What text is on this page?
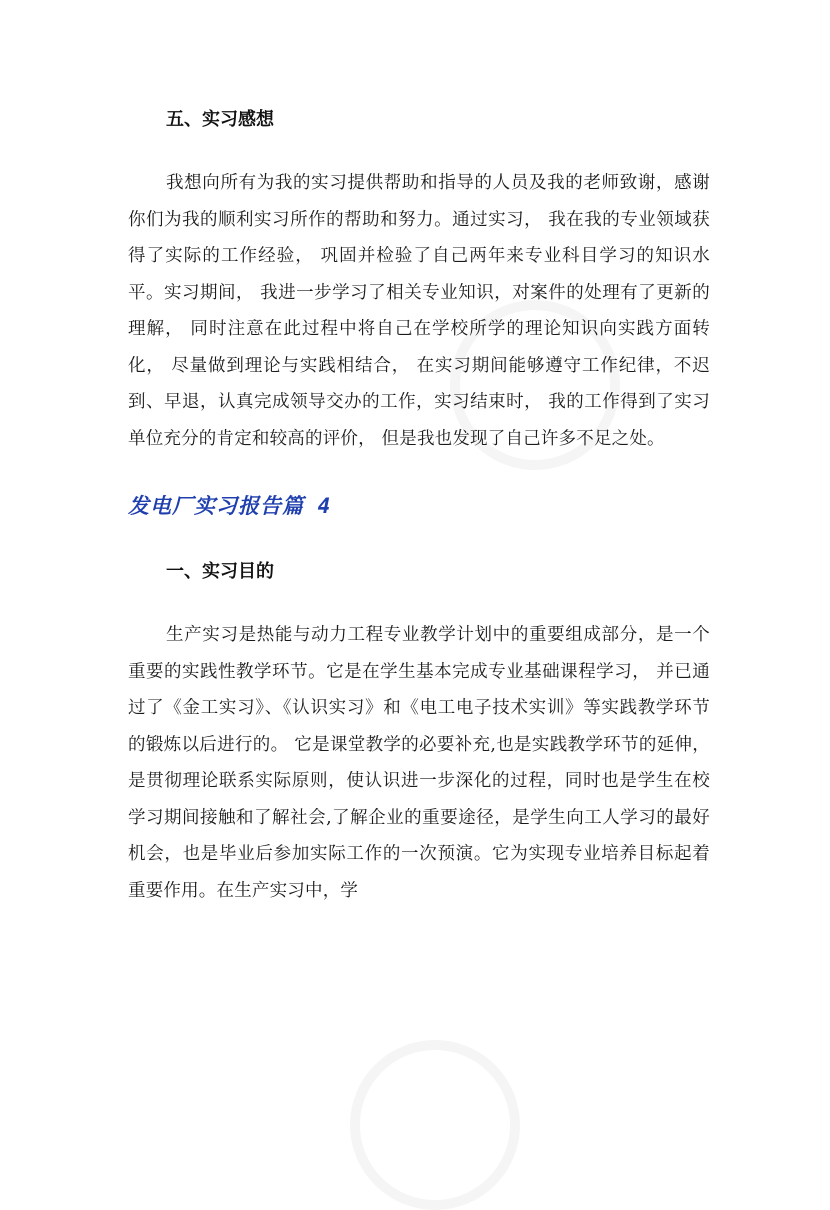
五、实习感想

我想向所有为我的实习提供帮助和指导的人员及我的老师致谢，感谢你们为我的顺利实习所作的帮助和努力。通过实习， 我在我的专业领域获得了实际的工作经验， 巩固并检验了自己两年来专业科目学习的知识水平。实习期间， 我进一步学习了相关专业知识，对案件的处理有了更新的理解， 同时注意在此过程中将自己在学校所学的理论知识向实践方面转化， 尽量做到理论与实践相结合， 在实习期间能够遵守工作纪律，不迟到、早退，认真完成领导交办的工作，实习结束时， 我的工作得到了实习单位充分的肯定和较高的评价， 但是我也发现了自己许多不足之处。

发电厂实习报告篇 4
一、实习目的

生产实习是热能与动力工程专业教学计划中的重要组成部分，是一个重要的实践性教学环节。它是在学生基本完成专业基础课程学习， 并已通过了《金工实习》、《认识实习》和《电工电子技术实训》等实践教学环节的锻炼以后进行的。 它是课堂教学的必要补充,也是实践教学环节的延伸，是贯彻理论联系实际原则，使认识进一步深化的过程，同时也是学生在校学习期间接触和了解社会,了解企业的重要途径，是学生向工人学习的最好机会，也是毕业后参加实际工作的一次预演。它为实现专业培养目标起着重要作用。在生产实习中，学
